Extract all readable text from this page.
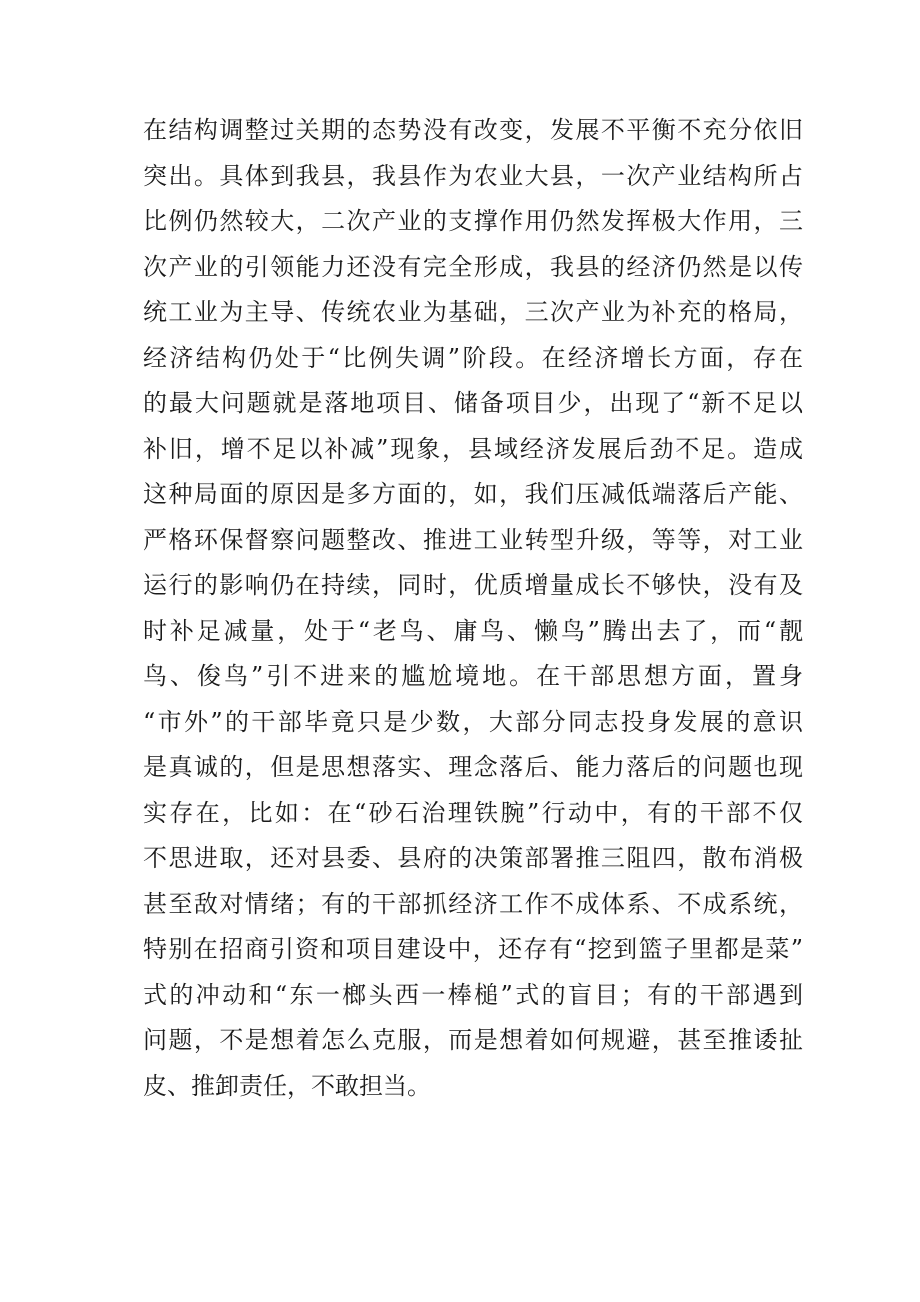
在结构调整过关期的态势没有改变，发展不平衡不充分依旧
突出。具体到我县，我县作为农业大县，一次产业结构所占
比例仍然较大，二次产业的支撑作用仍然发挥极大作用，三
次产业的引领能力还没有完全形成，我县的经济仍然是以传
统工业为主导、传统农业为基础，三次产业为补充的格局，
经济结构仍处于“比例失调”阶段。在经济增长方面，存在
的最大问题就是落地项目、储备项目少，出现了“新不足以
补旧，增不足以补减”现象，县域经济发展后劲不足。造成
这种局面的原因是多方面的，如，我们压减低端落后产能、
严格环保督察问题整改、推进工业转型升级，等等，对工业
运行的影响仍在持续，同时，优质增量成长不够快，没有及
时补足减量，处于“老鸟、庸鸟、懒鸟”腾出去了，而“靓
鸟、俊鸟”引不进来的尴尬境地。在干部思想方面，置身
“市外”的干部毕竟只是少数，大部分同志投身发展的意识
是真诚的，但是思想落实、理念落后、能力落后的问题也现
实存在，比如：在“砂石治理铁腕”行动中，有的干部不仅
不思进取，还对县委、县府的决策部署推三阻四，散布消极
甚至敌对情绪；有的干部抓经济工作不成体系、不成系统，
特别在招商引资和项目建设中，还存有“挖到篮子里都是菜”
式的冲动和“东一榔头西一棒槌”式的盲目；有的干部遇到
问题，不是想着怎么克服，而是想着如何规避，甚至推诿扯
皮、推卸责任，不敢担当。
